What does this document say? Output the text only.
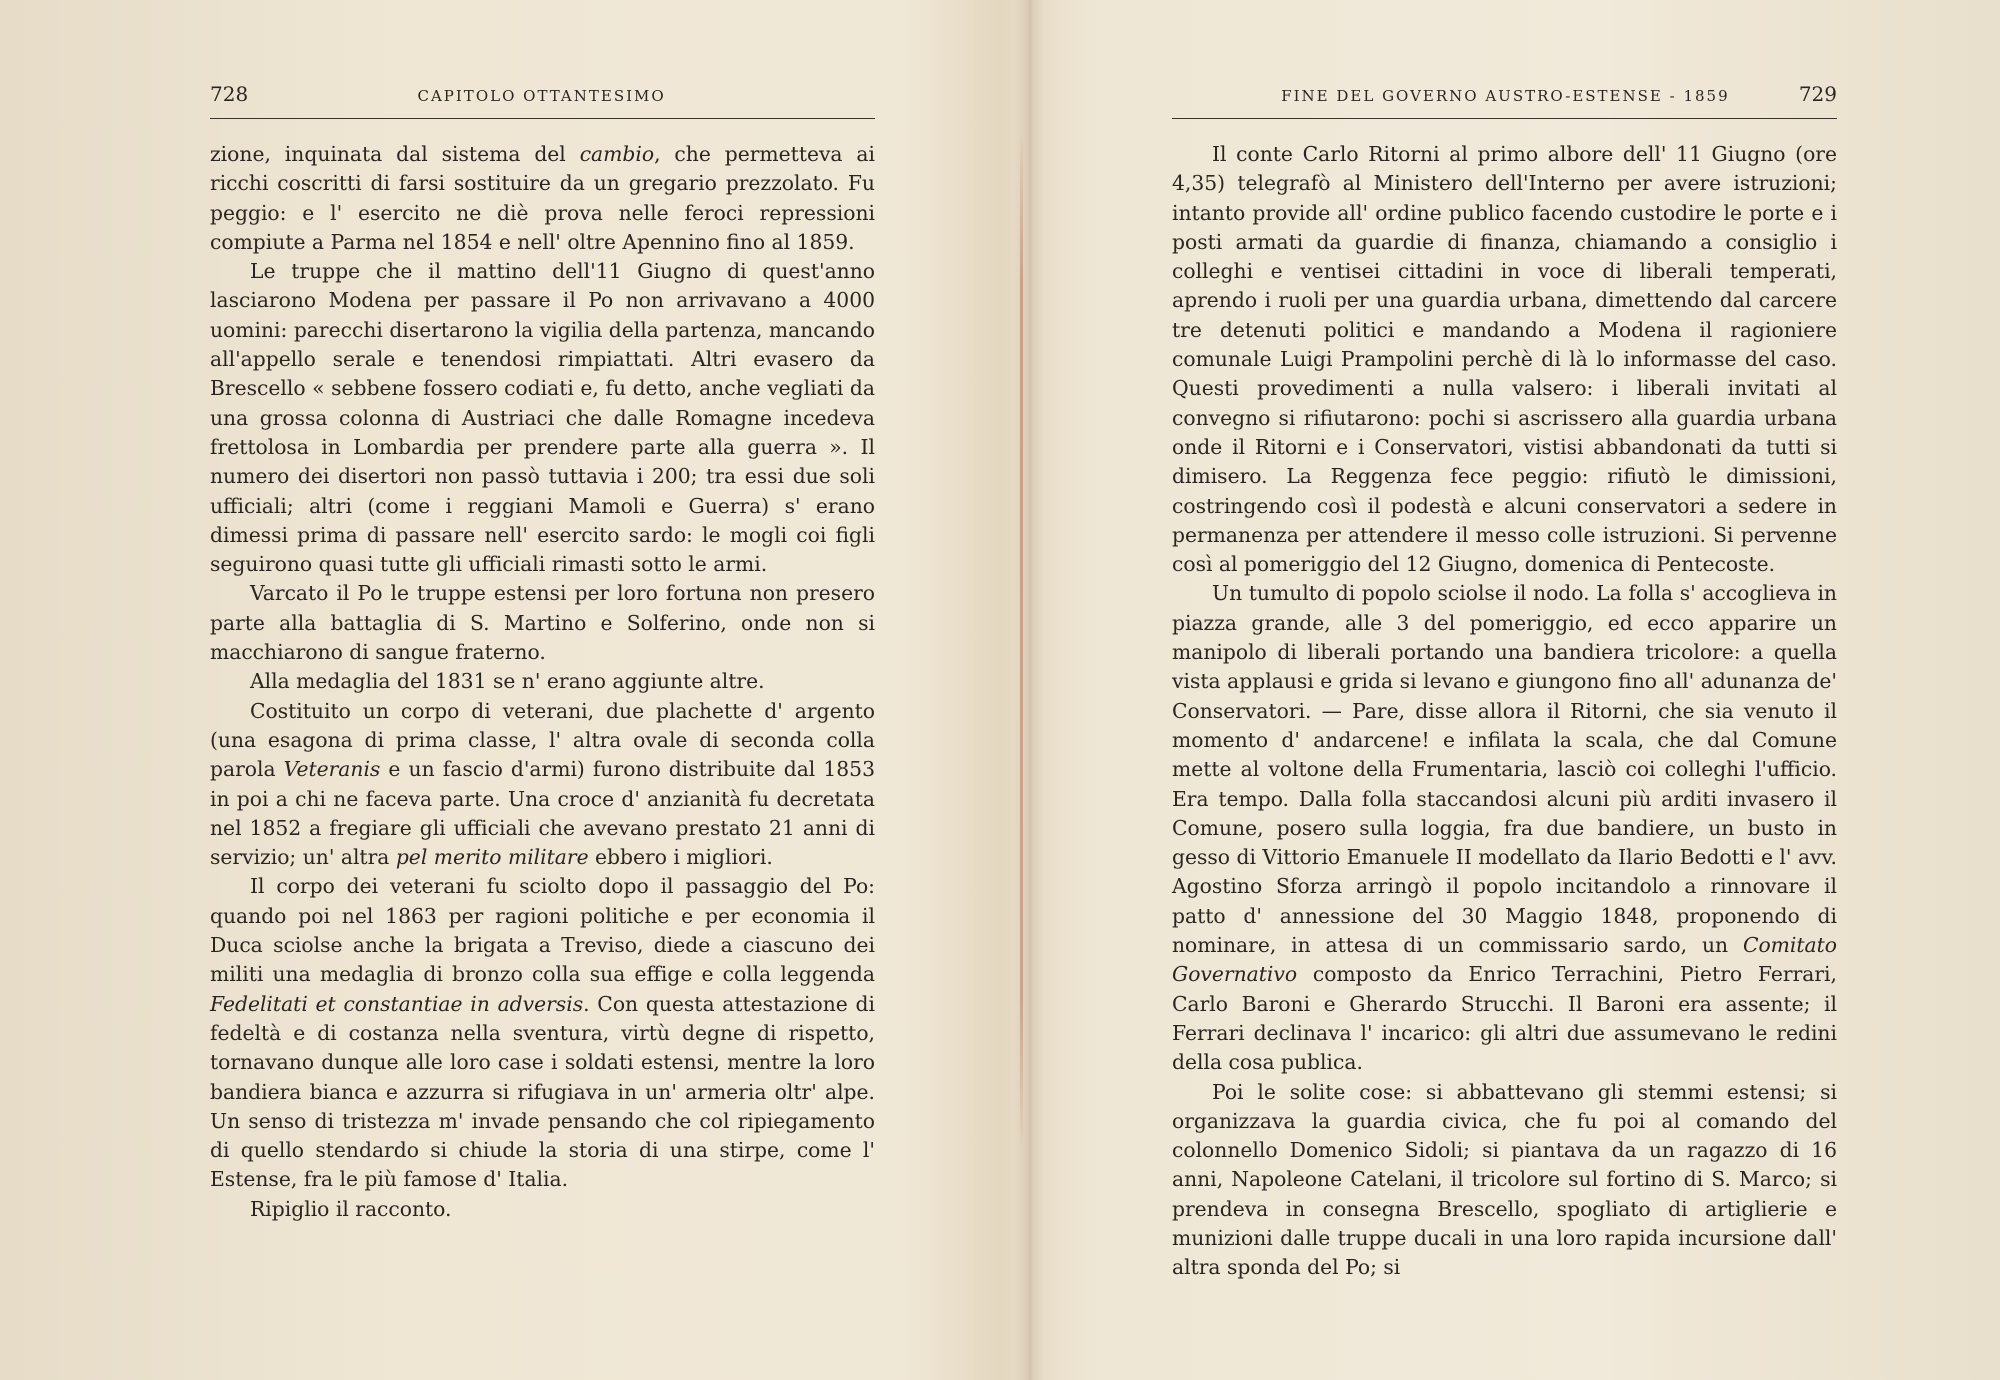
728	CAPITOLO OTTANTESIMO

zione, inquinata dal sistema del cambio, che permetteva ai ricchi coscritti di farsi sostituire da un gregario prezzolato. Fu peggio: e l' esercito ne diè prova nelle feroci repressioni compiute a Parma nel 1854 e nell' oltre Apennino fino al 1859.

Le truppe che il mattino dell'11 Giugno di quest'anno lasciarono Modena per passare il Po non arrivavano a 4000 uomini: parecchi disertarono la vigilia della partenza, mancando all'appello serale e tenendosi rimpiattati. Altri evasero da Brescello « sebbene fossero codiati e, fu detto, anche vegliati da una grossa colonna di Austriaci che dalle Romagne incedeva frettolosa in Lombardia per prendere parte alla guerra ». Il numero dei disertori non passò tuttavia i 200; tra essi due soli ufficiali; altri (come i reggiani Mamoli e Guerra) s' erano dimessi prima di passare nell' esercito sardo: le mogli coi figli seguirono quasi tutte gli ufficiali rimasti sotto le armi.

Varcato il Po le truppe estensi per loro fortuna non presero parte alla battaglia di S. Martino e Solferino, onde non si macchiarono di sangue fraterno.

Alla medaglia del 1831 se n' erano aggiunte altre.

Costituito un corpo di veterani, due plachette d' argento (una esagona di prima classe, l' altra ovale di seconda colla parola Veteranis e un fascio d'armi) furono distribuite dal 1853 in poi a chi ne faceva parte. Una croce d' anzianità fu decretata nel 1852 a fregiare gli ufficiali che avevano prestato 21 anni di servizio; un' altra pel merito militare ebbero i migliori.

Il corpo dei veterani fu sciolto dopo il passaggio del Po: quando poi nel 1863 per ragioni politiche e per economia il Duca sciolse anche la brigata a Treviso, diede a ciascuno dei militi una medaglia di bronzo colla sua effige e colla leggenda Fedelitati et constantiae in adversis. Con questa attestazione di fedeltà e di costanza nella sventura, virtù degne di rispetto, tornavano dunque alle loro case i soldati estensi, mentre la loro bandiera bianca e azzurra si rifugiava in un' armeria oltr' alpe. Un senso di tristezza m' invade pensando che col ripiegamento di quello stendardo si chiude la storia di una stirpe, come l' Estense, fra le più famose d' Italia.

Ripiglio il racconto.

FINE DEL GOVERNO AUSTRO-ESTENSE - 1859	729

Il conte Carlo Ritorni al primo albore dell' 11 Giugno (ore 4,35) telegrafò al Ministero dell'Interno per avere istruzioni; intanto provide all' ordine publico facendo custodire le porte e i posti armati da guardie di finanza, chiamando a consiglio i colleghi e ventisei cittadini in voce di liberali temperati, aprendo i ruoli per una guardia urbana, dimettendo dal carcere tre detenuti politici e mandando a Modena il ragioniere comunale Luigi Prampolini perchè di là lo informasse del caso. Questi provedimenti a nulla valsero: i liberali invitati al convegno si rifiutarono: pochi si ascrissero alla guardia urbana onde il Ritorni e i Conservatori, vistisi abbandonati da tutti si dimisero. La Reggenza fece peggio: rifiutò le dimissioni, costringendo così il podestà e alcuni conservatori a sedere in permanenza per attendere il messo colle istruzioni. Si pervenne così al pomeriggio del 12 Giugno, domenica di Pentecoste.

Un tumulto di popolo sciolse il nodo. La folla s' accoglieva in piazza grande, alle 3 del pomeriggio, ed ecco apparire un manipolo di liberali portando una bandiera tricolore: a quella vista applausi e grida si levano e giungono fino all' adunanza de' Conservatori. — Pare, disse allora il Ritorni, che sia venuto il momento d' andarcene! e infilata la scala, che dal Comune mette al voltone della Frumentaria, lasciò coi colleghi l'ufficio. Era tempo. Dalla folla staccandosi alcuni più arditi invasero il Comune, posero sulla loggia, fra due bandiere, un busto in gesso di Vittorio Emanuele II modellato da Ilario Bedotti e l' avv. Agostino Sforza arringò il popolo incitandolo a rinnovare il patto d' annessione del 30 Maggio 1848, proponendo di nominare, in attesa di un commissario sardo, un Comitato Governativo composto da Enrico Terrachini, Pietro Ferrari, Carlo Baroni e Gherardo Strucchi. Il Baroni era assente; il Ferrari declinava l' incarico: gli altri due assumevano le redini della cosa publica.

Poi le solite cose: si abbattevano gli stemmi estensi; si organizzava la guardia civica, che fu poi al comando del colonnello Domenico Sidoli; si piantava da un ragazzo di 16 anni, Napoleone Catelani, il tricolore sul fortino di S. Marco; si prendeva in consegna Brescello, spogliato di artiglierie e munizioni dalle truppe ducali in una loro rapida incursione dall' altra sponda del Po; si
